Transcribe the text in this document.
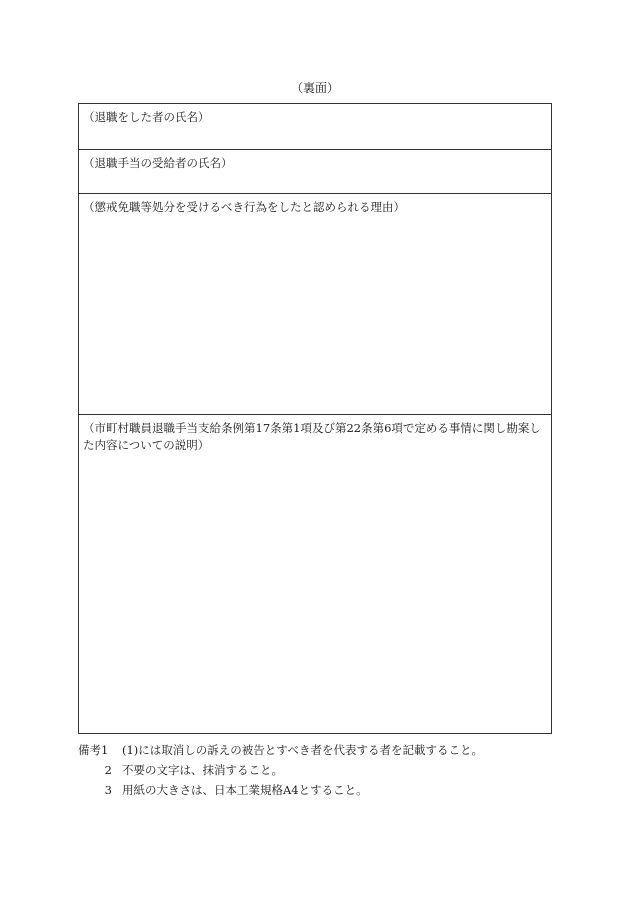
（裏面）
（退職をした者の氏名）
（退職手当の受給者の氏名）
（懲戒免職等処分を受けるべき行為をしたと認められる理由）
（市町村職員退職手当支給条例第17条第1項及び第22条第6項で定める事情に関し勘案した内容についての説明）
備考1	(1)には取消しの訴えの被告とすべき者を代表する者を記載すること。
2 不要の文字は、抹消すること。
3 用紙の大きさは、日本工業規格A4とすること。
